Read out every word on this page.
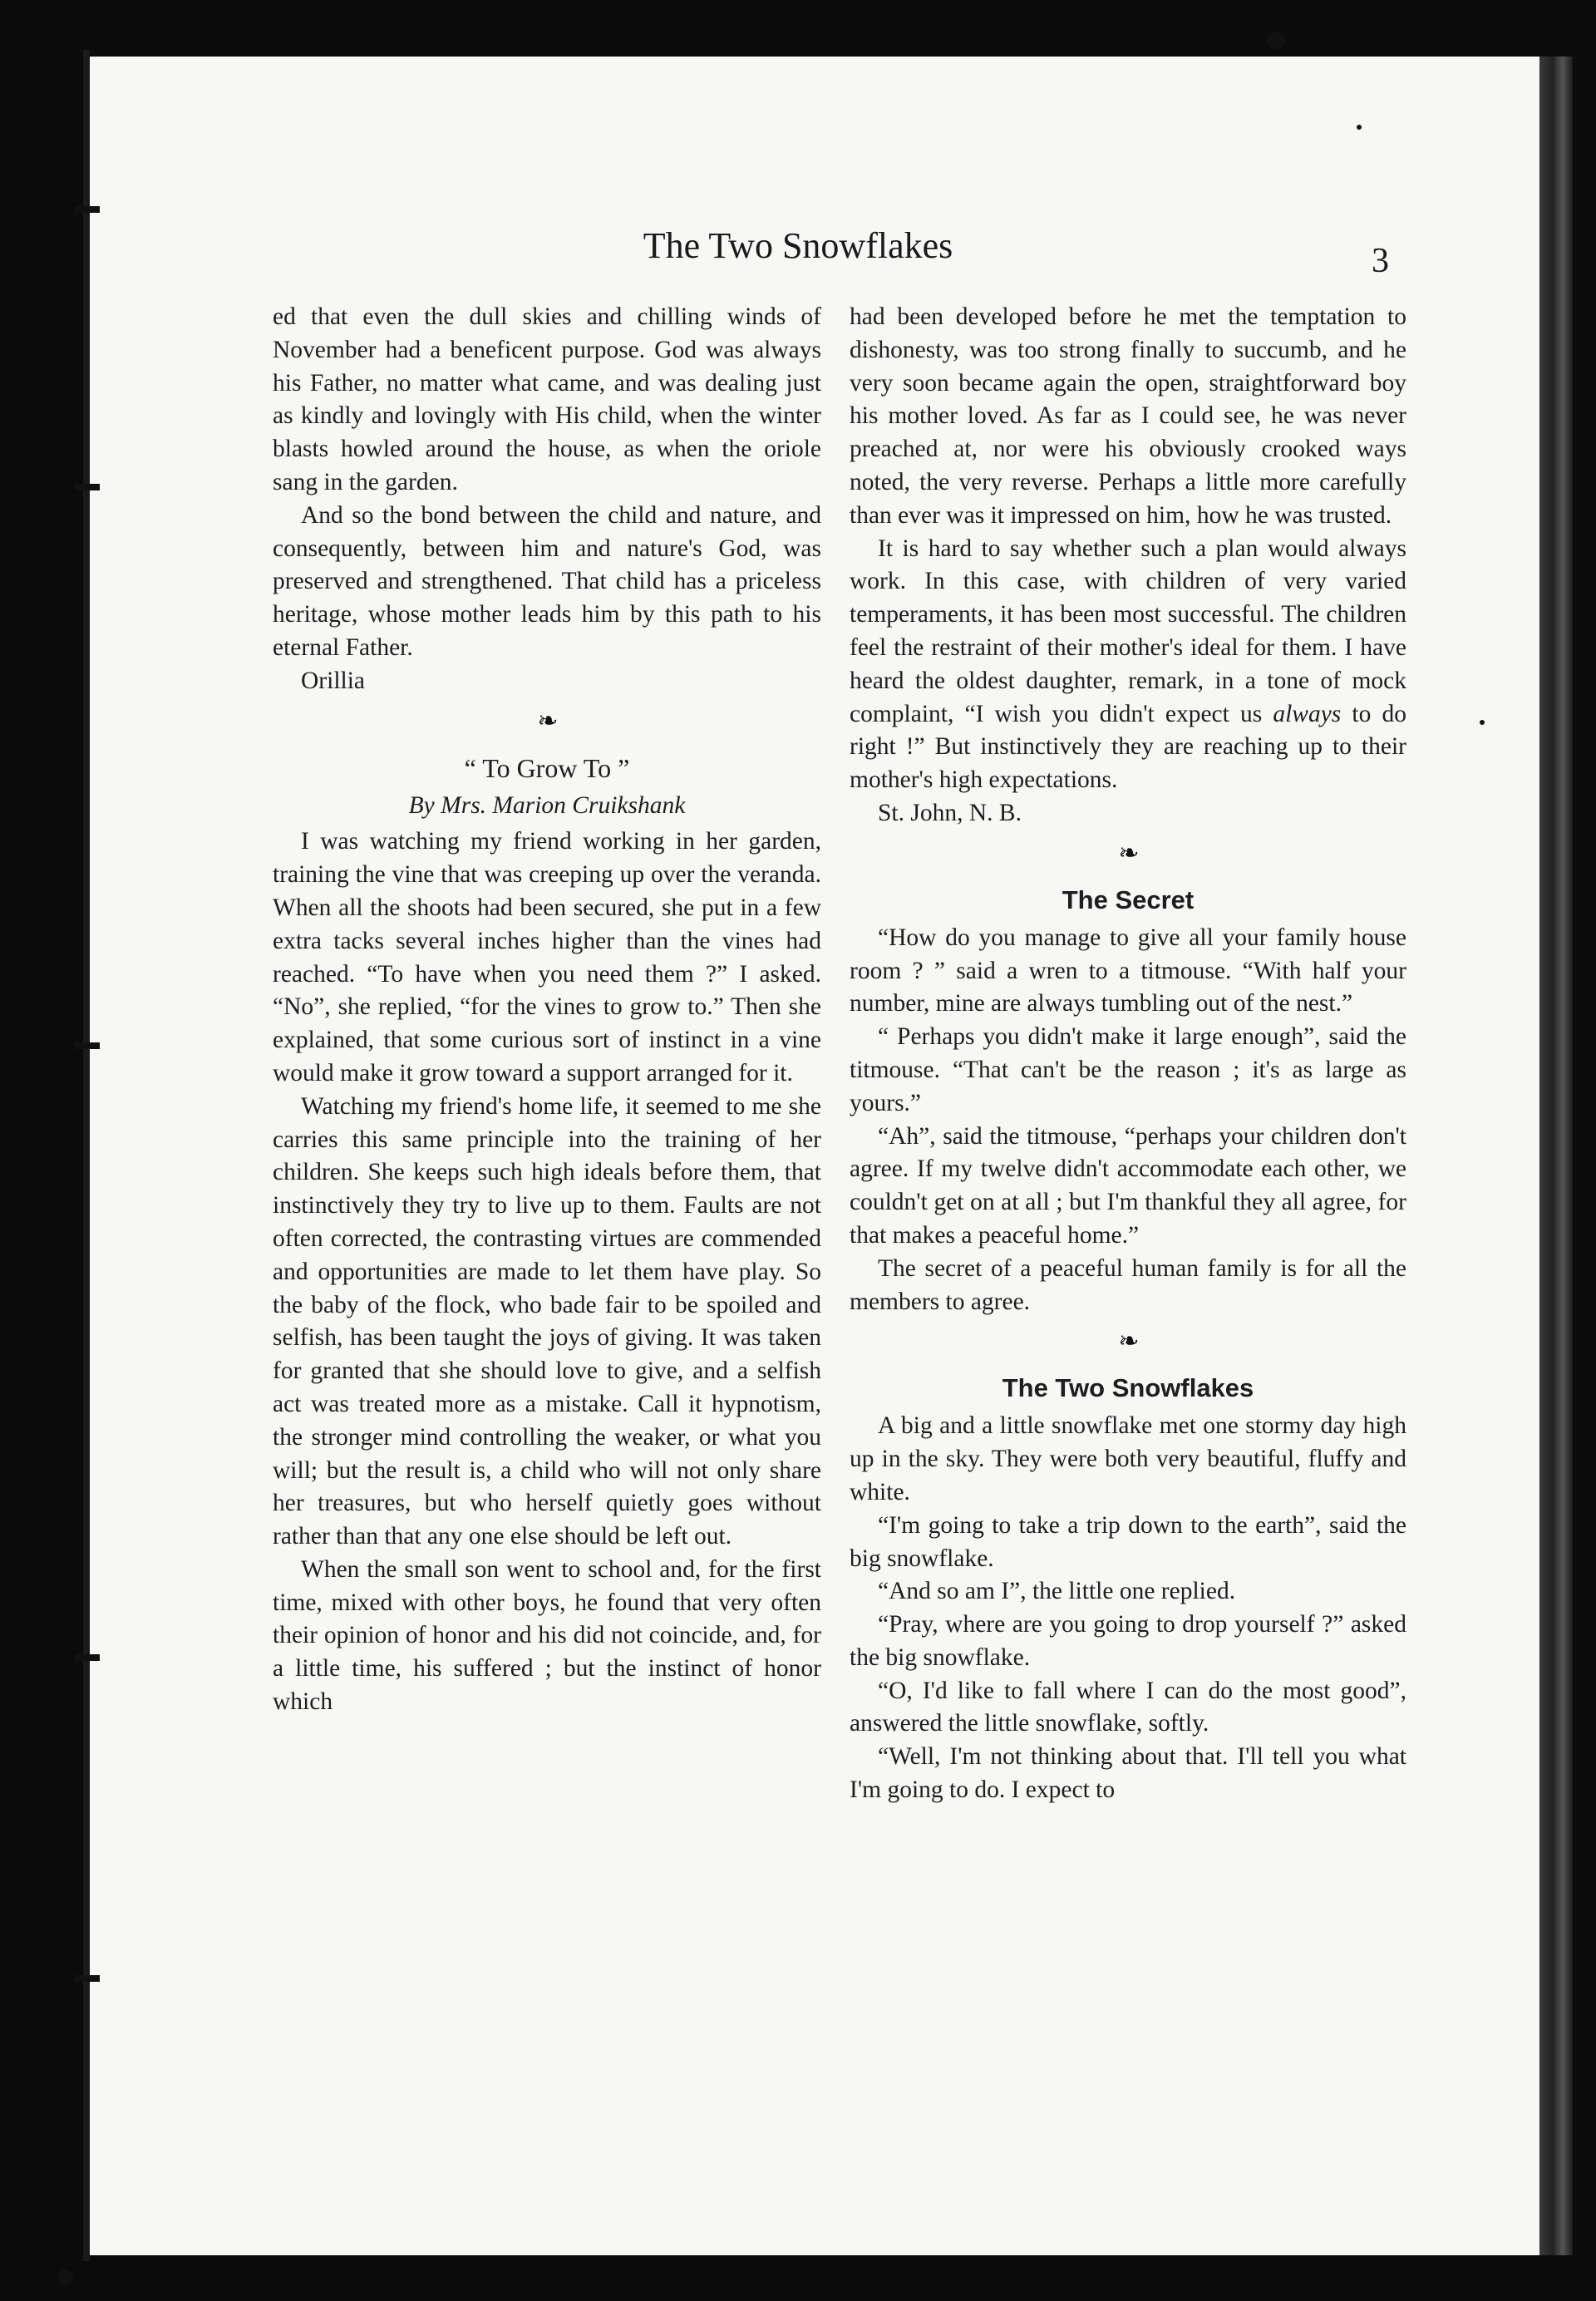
The Two Snowflakes	3

ed that even the dull skies and chilling winds of November had a beneficent purpose. God was always his Father, no matter what came, and was dealing just as kindly and lovingly with His child, when the winter blasts howled around the house, as when the oriole sang in the garden.

And so the bond between the child and nature, and consequently, between him and nature's God, was preserved and strengthened. That child has a priceless heritage, whose mother leads him by this path to his eternal Father.

Orillia

❧
“ To Grow To ”
By Mrs. Marion Cruikshank

I was watching my friend working in her garden, training the vine that was creeping up over the veranda. When all the shoots had been secured, she put in a few extra tacks several inches higher than the vines had reached. “To have when you need them ?” I asked. “No”, she replied, “for the vines to grow to.” Then she explained, that some curious sort of instinct in a vine would make it grow toward a support arranged for it.

Watching my friend's home life, it seemed to me she carries this same principle into the training of her children. She keeps such high ideals before them, that instinctively they try to live up to them. Faults are not often corrected, the contrasting virtues are commended and opportunities are made to let them have play. So the baby of the flock, who bade fair to be spoiled and selfish, has been taught the joys of giving. It was taken for granted that she should love to give, and a selfish act was treated more as a mistake. Call it hypnotism, the stronger mind controlling the weaker, or what you will; but the result is, a child who will not only share her treasures, but who herself quietly goes without rather than that any one else should be left out.

When the small son went to school and, for the first time, mixed with other boys, he found that very often their opinion of honor and his did not coincide, and, for a little time, his suffered ; but the instinct of honor which

had been developed before he met the temptation to dishonesty, was too strong finally to succumb, and he very soon became again the open, straightforward boy his mother loved. As far as I could see, he was never preached at, nor were his obviously crooked ways noted, the very reverse. Perhaps a little more carefully than ever was it impressed on him, how he was trusted.

It is hard to say whether such a plan would always work. In this case, with children of very varied temperaments, it has been most successful. The children feel the restraint of their mother's ideal for them. I have heard the oldest daughter, remark, in a tone of mock complaint, “I wish you didn't expect us always to do right !” But instinctively they are reaching up to their mother's high expectations.

St. John, N. B.

❧
The Secret

“How do you manage to give all your family house room ? ” said a wren to a titmouse. “With half your number, mine are always tumbling out of the nest.”

“ Perhaps you didn't make it large enough”, said the titmouse. “That can't be the reason ; it's as large as yours.”

“Ah”, said the titmouse, “perhaps your children don't agree. If my twelve didn't accommodate each other, we couldn't get on at all ; but I'm thankful they all agree, for that makes a peaceful home.”

The secret of a peaceful human family is for all the members to agree.

❧
The Two Snowflakes

A big and a little snowflake met one stormy day high up in the sky. They were both very beautiful, fluffy and white.

“I'm going to take a trip down to the earth”, said the big snowflake.

“And so am I”, the little one replied.

“Pray, where are you going to drop yourself ?” asked the big snowflake.

“O, I'd like to fall where I can do the most good”, answered the little snowflake, softly.

“Well, I'm not thinking about that. I'll tell you what I'm going to do. I expect to
